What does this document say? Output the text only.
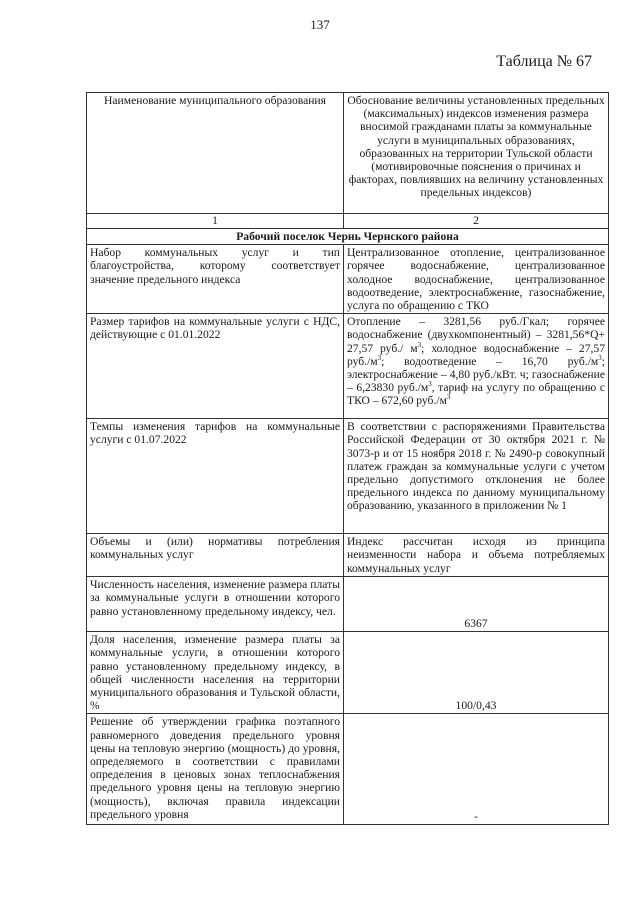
137
Таблица № 67
Наименование муниципального образования	Обоснование величины установленных предельных (максимальных) индексов изменения размера вносимой гражданами платы за коммунальные услуги в муниципальных образованиях, образованных на территории Тульской области (мотивировочные пояснения о причинах и факторах, повлиявших на величину установленных предельных индексов)
1	2
Рабочий поселок Чернь Чернского района	
Набор коммунальных услуг и тип благоустройства, которому соответствует значение предельного индекса	Централизованное отопление, централизованное горячее водоснабжение, централизованное холодное водоснабжение, централизованное водоотведение, электроснабжение, газоснабжение, услуга по обращению с ТКО
Размер тарифов на коммунальные услуги с НДС, действующие с 01.01.2022	Отопление – 3281,56 руб./Гкал; горячее водоснабжение (двухкомпонентный) – 3281,56*Q+ 27,57 руб./ $м^3$; холодное водоснабжение – 27,57 $руб./м^3$; водоотведение – 16,70 $руб./м^3$; электроснабжение – 4,80 руб./кВт. ч; газоснабжение – 6,23830 $руб./м^3$, тариф на услугу по обращению с ТКО – 672,60 $руб./м^3$
Темпы изменения тарифов на коммунальные услуги с 01.07.2022	В соответствии с распоряжениями Правительства Российской Федерации от 30 октября 2021 г. № 3073-р и от 15 ноября 2018 г. № 2490-р совокупный платеж граждан за коммунальные услуги с учетом предельно допустимого отклонения не более предельного индекса по данному муниципальному образованию, указанного в приложении № 1
Объемы и (или) нормативы потребления коммунальных услуг	Индекс рассчитан исходя из принципа неизменности набора и объема потребляемых коммунальных услуг
Численность населения, изменение размера платы за коммунальные услуги в отношении которого равно установленному предельному индексу, чел.	6367
Доля населения, изменение размера платы за коммунальные услуги, в отношении которого равно установленному предельному индексу, в общей численности населения на территории муниципального образования и Тульской области, %	100/0,43
Решение об утверждении графика поэтапного равномерного доведения предельного уровня цены на тепловую энергию (мощность) до уровня, определяемого в соответствии с правилами определения в ценовых зонах теплоснабжения предельного уровня цены на тепловую энергию (мощность), включая правила индексации предельного уровня	-
